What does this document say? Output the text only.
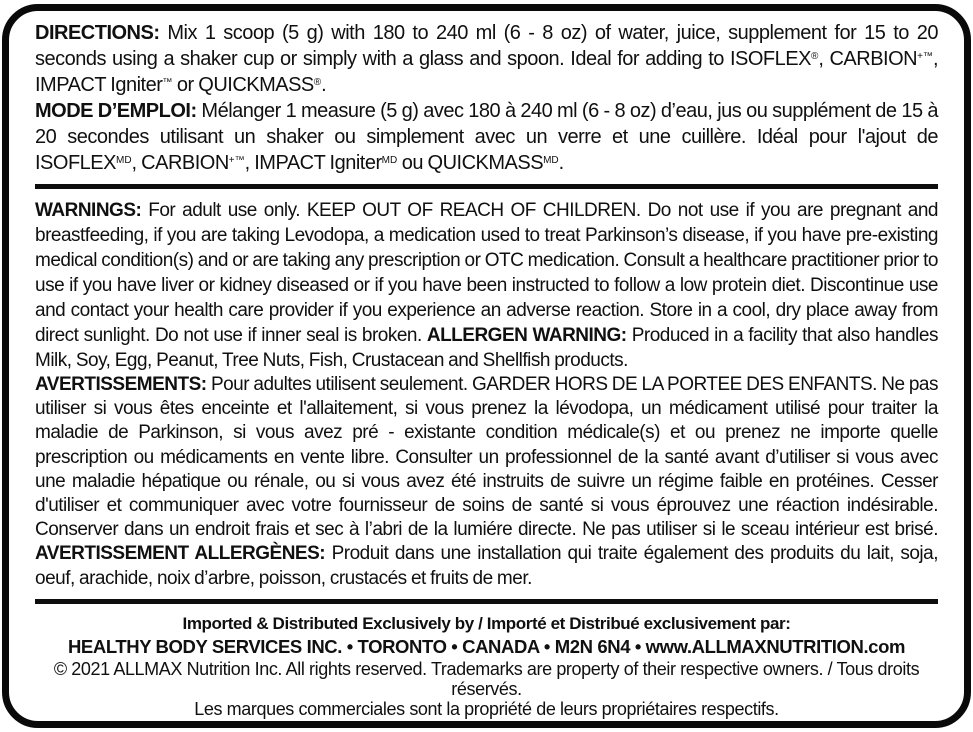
DIRECTIONS: Mix 1 scoop (5 g) with 180 to 240 ml (6 - 8 oz) of water, juice, supplement for 15 to 20 seconds using a shaker cup or simply with a glass and spoon. Ideal for adding to ISOFLEX®, CARBION+™, IMPACT Igniter™ or QUICKMASS®.

MODE D’EMPLOI: Mélanger 1 measure (5 g) avec 180 à 240 ml (6 - 8 oz) d’eau, jus ou supplément de 15 à 20 secondes utilisant un shaker ou simplement avec un verre et une cuillère. Idéal pour l'ajout de $ISOFLEX^{MD}$, CARBION+™, IMPACT Igniter$^{MD}$ ou $QUICKMASS^{MD}$.

WARNINGS: For adult use only. KEEP OUT OF REACH OF CHILDREN. Do not use if you are pregnant and breastfeeding, if you are taking Levodopa, a medication used to treat Parkinson’s disease, if you have pre-existing medical condition(s) and or are taking any prescription or OTC medication. Consult a healthcare practitioner prior to use if you have liver or kidney diseased or if you have been instructed to follow a low protein diet. Discontinue use and contact your health care provider if you experience an adverse reaction. Store in a cool, dry place away from direct sunlight. Do not use if inner seal is broken. ALLERGEN WARNING: Produced in a facility that also handles Milk, Soy, Egg, Peanut, Tree Nuts, Fish, Crustacean and Shellfish products.

AVERTISSEMENTS: Pour adultes utilisent seulement. GARDER HORS DE LA PORTEE DES ENFANTS. Ne pas utiliser si vous êtes enceinte et l'allaitement, si vous prenez la lévodopa, un médicament utilisé pour traiter la maladie de Parkinson, si vous avez pré - existante condition médicale(s) et ou prenez ne importe quelle prescription ou médicaments en vente libre. Consulter un professionnel de la santé avant d’utiliser si vous avec une maladie hépatique ou rénale, ou si vous avez été instruits de suivre un régime faible en protéines. Cesser d'utiliser et communiquer avec votre fournisseur de soins de santé si vous éprouvez une réaction indésirable. Conserver dans un endroit frais et sec à l’abri de la lumiére directe. Ne pas utiliser si le sceau intérieur est brisé. AVERTISSEMENT ALLERGÈNES: Produit dans une installation qui traite également des produits du lait, soja, oeuf, arachide, noix d’arbre, poisson, crustacés et fruits de mer.

Imported & Distributed Exclusively by / Importé et Distribué exclusivement par:

HEALTHY BODY SERVICES INC. • TORONTO • CANADA • M2N 6N4 • www.ALLMAXNUTRITION.com

© 2021 ALLMAX Nutrition Inc. All rights reserved. Trademarks are property of their respective owners. / Tous droits réservés.

Les marques commerciales sont la propriété de leurs propriétaires respectifs.
